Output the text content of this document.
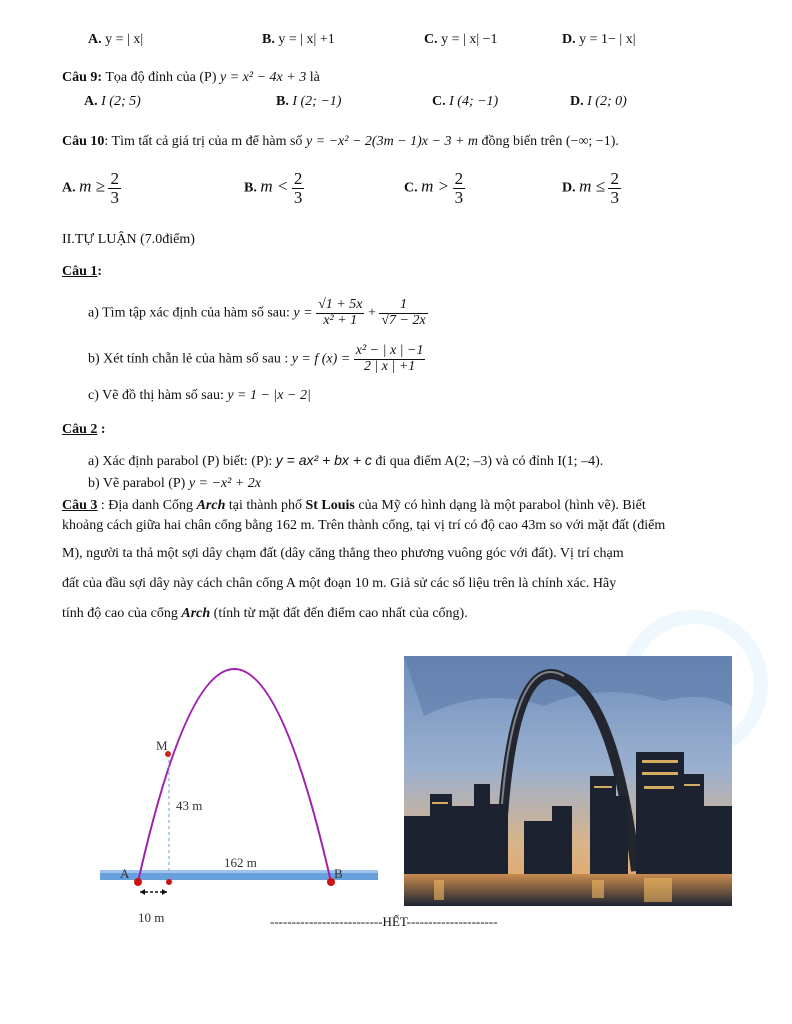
A. y = | x|	B. y = | x| +1	C. y = | x| −1	D. y = 1− | x|
Câu 9: Tọa độ đỉnh của (P) y = x² − 4x + 3 là
A. I (2; 5)	B. I (2; −1)	C. I (4; −1)	D. I (2; 0)
Câu 10: Tìm tất cả giá trị của m để hàm số y = −x² − 2(3m − 1)x − 3 + m đồng biến trên (−∞; −1).
A. $m \ge \frac{2}{3}$	B. $m < \frac{2}{3}$	C. $m > \frac{2}{3}$	D. $m \le \frac{2}{3}$
II.TỰ LUẬN (7.0điểm)
Câu 1:
a) Tìm tập xác định của hàm số sau: $y = \frac{√1 + 5x}{\text{x² + 1}} + \frac{1}{√7 - 2x}$
b) Xét tính chẵn lẻ của hàm số sau : y = f $(x) = \frac{\text{x² − | x | −1}}{2 | x | +1}$
c) Vẽ đồ thị hàm số sau: y = 1 − |x − 2|
Câu 2 :
a) Xác định parabol (P) biết: (P): y = ax² + bx + c đi qua điểm A(2; –3) và có đỉnh I(1; –4).
b) Vẽ parabol (P) y = −x² + 2x
Câu 3 : Địa danh Cổng Arch tại thành phố St Louis của Mỹ có hình dạng là một parabol (hình vẽ). Biết
khoảng cách giữa hai chân cổng bằng 162 m. Trên thành cổng, tại vị trí có độ cao 43m so với mặt đất (điểm
M), người ta thả một sợi dây chạm đất (dây căng thẳng theo phương vuông góc với đất). Vị trí chạm
đất của đầu sợi dây này cách chân cổng A một đoạn 10 m. Giả sử các số liệu trên là chính xác. Hãy
tính độ cao của cổng Arch (tính từ mặt đất đến điểm cao nhất của cổng).
M
A	B
43 m
162 m
10 m	--------------------------HẾT---------------------
